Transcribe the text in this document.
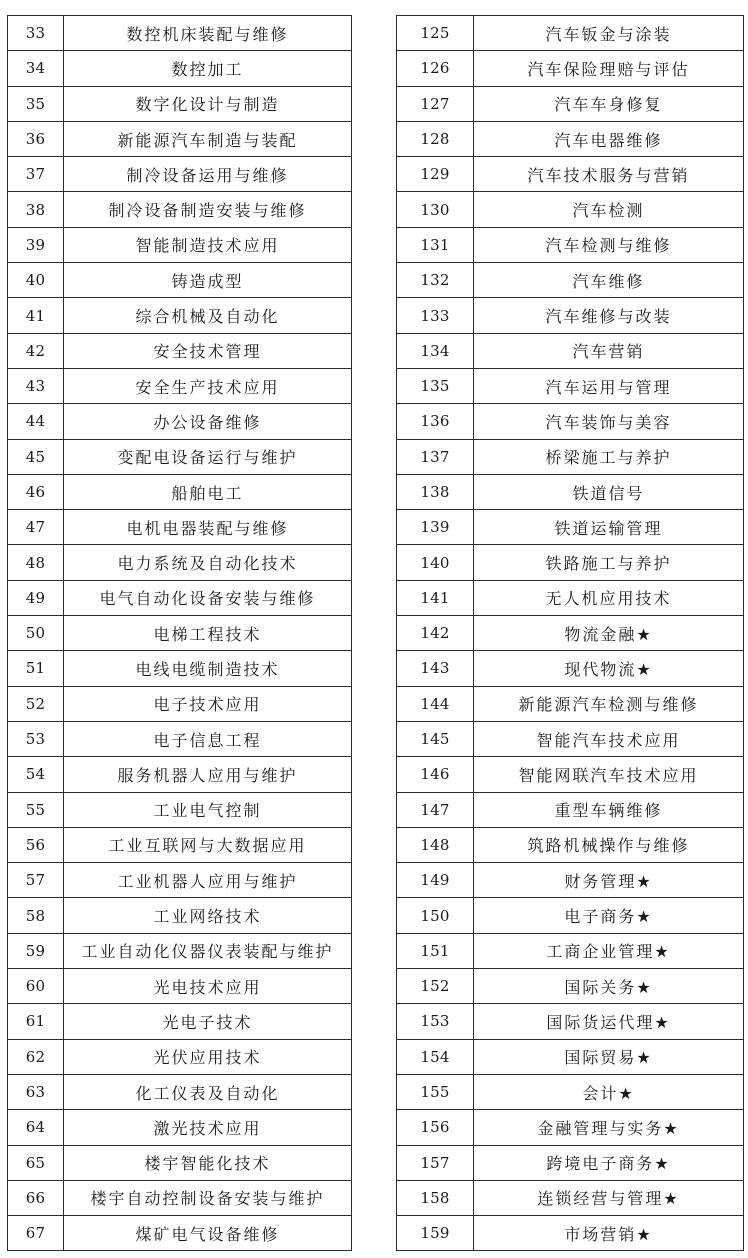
33	数控机床装配与维修
34	数控加工
35	数字化设计与制造
36	新能源汽车制造与装配
37	制冷设备运用与维修
38	制冷设备制造安装与维修
39	智能制造技术应用
40	铸造成型
41	综合机械及自动化
42	安全技术管理
43	安全生产技术应用
44	办公设备维修
45	变配电设备运行与维护
46	船舶电工
47	电机电器装配与维修
48	电力系统及自动化技术
49	电气自动化设备安装与维修
50	电梯工程技术
51	电线电缆制造技术
52	电子技术应用
53	电子信息工程
54	服务机器人应用与维护
55	工业电气控制
56	工业互联网与大数据应用
57	工业机器人应用与维护
58	工业网络技术
59	工业自动化仪器仪表装配与维护
60	光电技术应用
61	光电子技术
62	光伏应用技术
63	化工仪表及自动化
64	激光技术应用
65	楼宇智能化技术
66	楼宇自动控制设备安装与维护
67	煤矿电气设备维修
125	汽车钣金与涂装
126	汽车保险理赔与评估
127	汽车车身修复
128	汽车电器维修
129	汽车技术服务与营销
130	汽车检测
131	汽车检测与维修
132	汽车维修
133	汽车维修与改装
134	汽车营销
135	汽车运用与管理
136	汽车装饰与美容
137	桥梁施工与养护
138	铁道信号
139	铁道运输管理
140	铁路施工与养护
141	无人机应用技术
142	物流金融★
143	现代物流★
144	新能源汽车检测与维修
145	智能汽车技术应用
146	智能网联汽车技术应用
147	重型车辆维修
148	筑路机械操作与维修
149	财务管理★
150	电子商务★
151	工商企业管理★
152	国际关务★
153	国际货运代理★
154	国际贸易★
155	会计★
156	金融管理与实务★
157	跨境电子商务★
158	连锁经营与管理★
159	市场营销★
